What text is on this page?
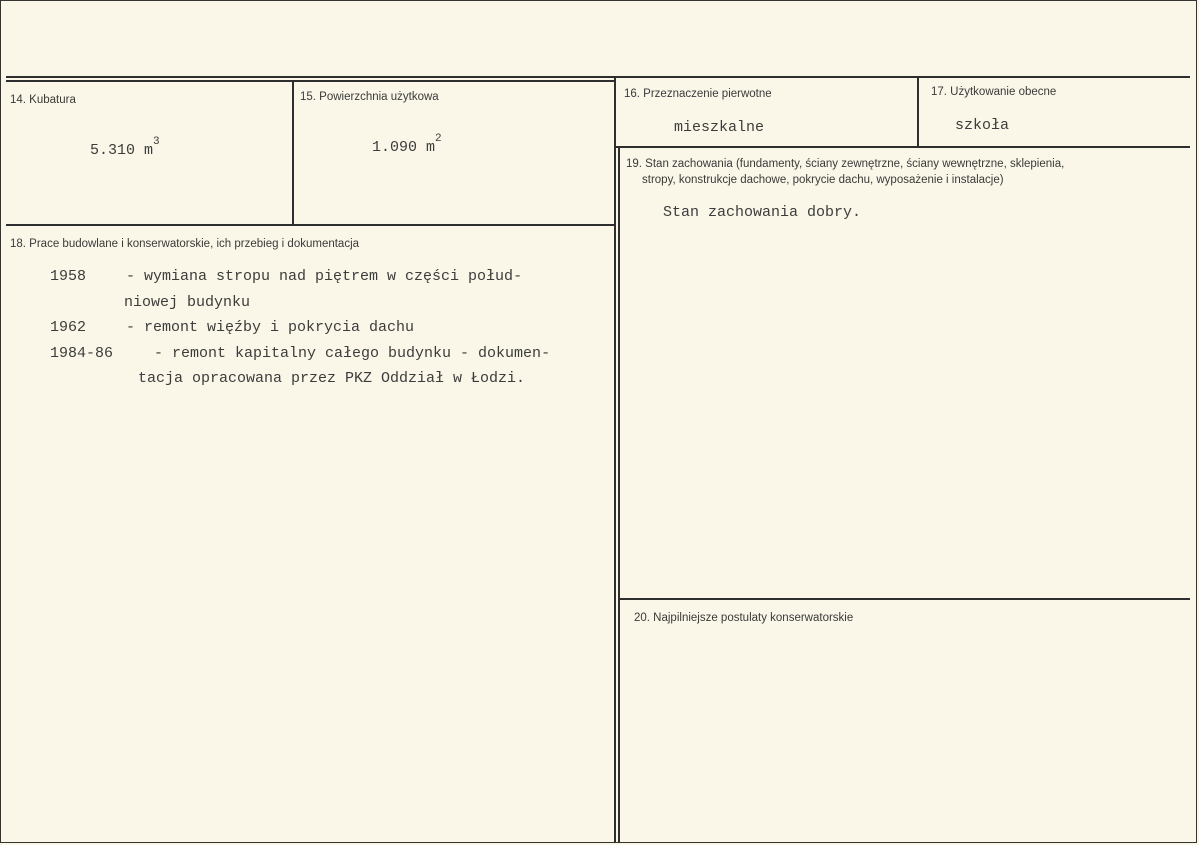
14. Kubatura
5.310 $m^3$
15. Powierzchnia użytkowa
1.090 $m^2$
16. Przeznaczenie pierwotne
mieszkalne
17. Użytkowanie obecne
szkoła
18. Prace budowlane i konserwatorskie, ich przebieg i dokumentacja
1958	- wymiana stropu nad piętrem w części połud-
niowej budynku
1962	- remont więźby i pokrycia dachu
1984-86	- remont kapitalny całego budynku - dokumen-
tacja opracowana przez PKZ Oddział w Łodzi.
19. Stan zachowania (fundamenty, ściany zewnętrzne, ściany wewnętrzne, sklepienia,
stropy, konstrukcje dachowe, pokrycie dachu, wyposażenie i instalacje)
Stan zachowania dobry.
20. Najpilniejsze postulaty konserwatorskie
